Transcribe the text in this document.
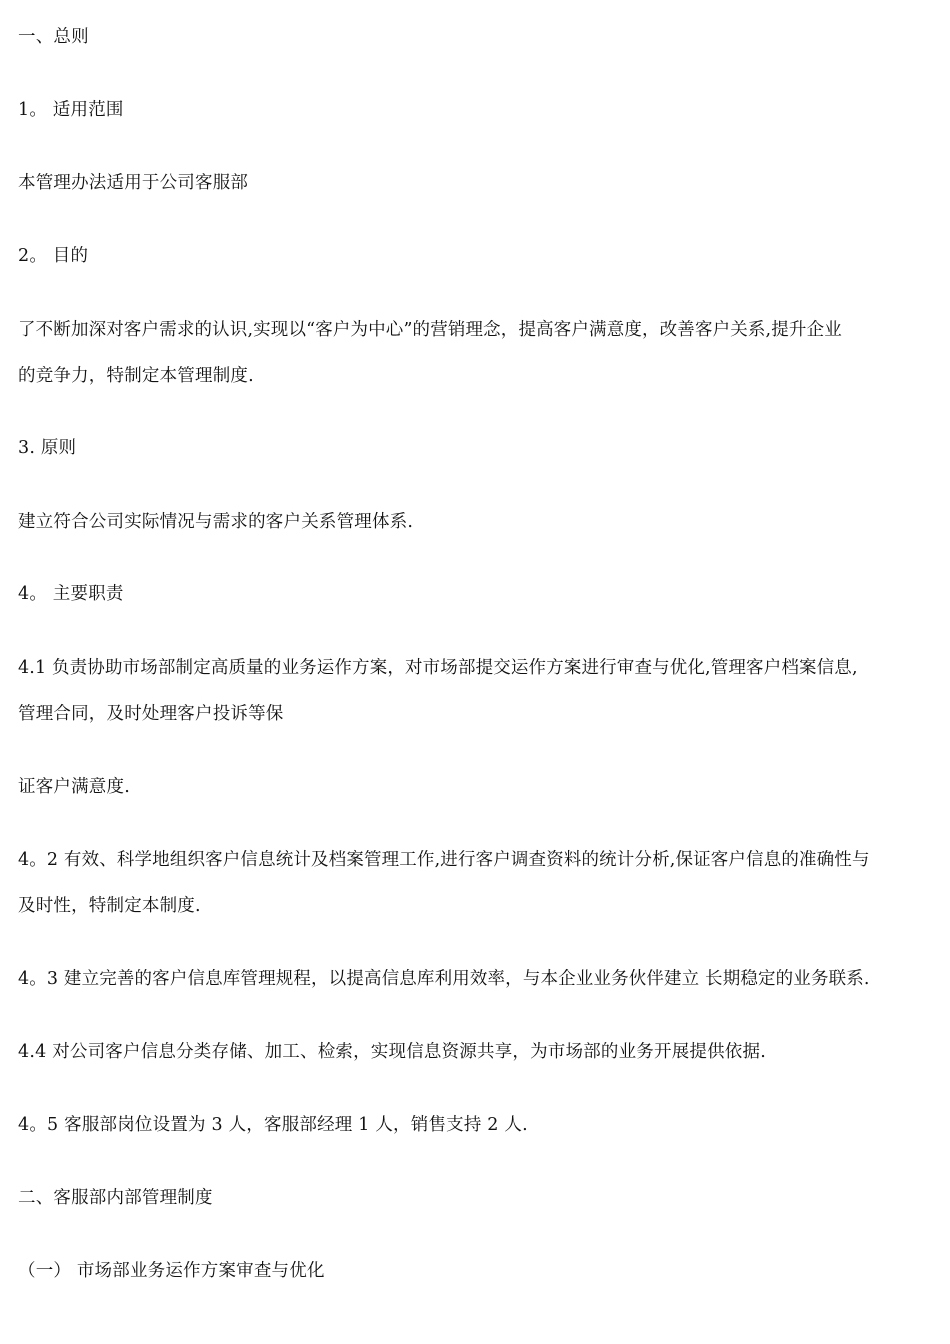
一、总则

1。 适用范围

本管理办法适用于公司客服部

2。 目的

了不断加深对客户需求的认识,实现以“客户为中心”的营销理念，提高客户满意度，改善客户关系,提升企业

的竞争力，特制定本管理制度.

3. 原则

建立符合公司实际情况与需求的客户关系管理体系.

4。 主要职责

4.1 负责协助市场部制定高质量的业务运作方案，对市场部提交运作方案进行审查与优化,管理客户档案信息,

管理合同，及时处理客户投诉等保

证客户满意度.

4。2 有效、科学地组织客户信息统计及档案管理工作,进行客户调查资料的统计分析,保证客户信息的准确性与

及时性，特制定本制度.

4。3 建立完善的客户信息库管理规程，以提高信息库利用效率，与本企业业务伙伴建立 长期稳定的业务联系.

4.4 对公司客户信息分类存储、加工、检索，实现信息资源共享，为市场部的业务开展提供依据.

4。5 客服部岗位设置为 3 人，客服部经理 1 人，销售支持 2 人.

二、客服部内部管理制度

（一） 市场部业务运作方案审查与优化
